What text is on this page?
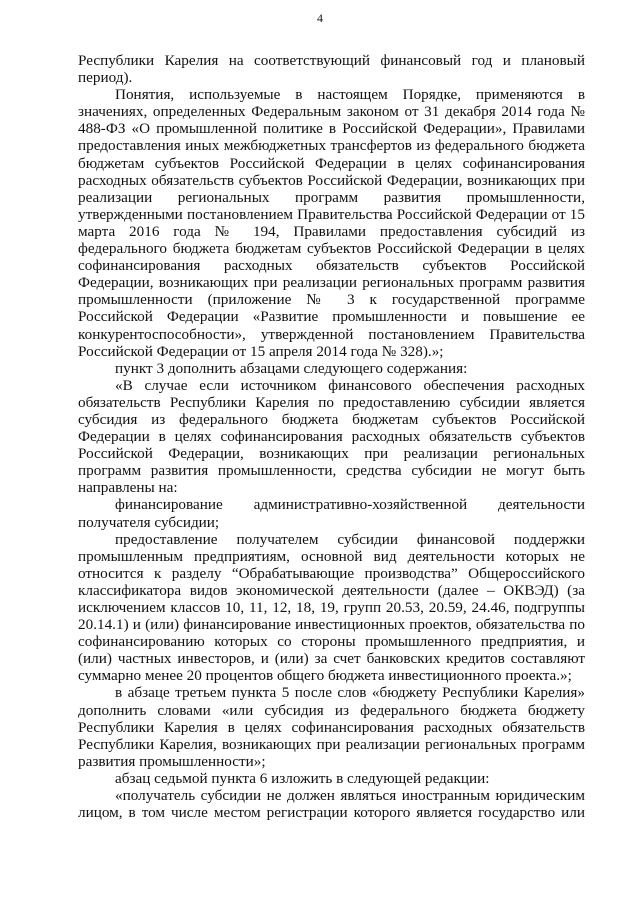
4

Республики Карелия на соответствующий финансовый год и плановый период).

Понятия, используемые в настоящем Порядке, применяются в значениях, определенных Федеральным законом от 31 декабря 2014 года № 488-ФЗ «О промышленной политике в Российской Федерации», Правилами предоставления иных межбюджетных трансфертов из федерального бюджета бюджетам субъектов Российской Федерации в целях софинансирования расходных обязательств субъектов Российской Федерации, возникающих при реализации региональных программ развития промышленности, утвержденными постановлением Правительства Российской Федерации от 15 марта 2016 года № 194, Правилами предоставления субсидий из федерального бюджета бюджетам субъектов Российской Федерации в целях софинансирования расходных обязательств субъектов Российской Федерации, возникающих при реализации региональных программ развития промышленности (приложение № 3 к государственной программе Российской Федерации «Развитие промышленности и повышение ее конкурентоспособности», утвержденной постановлением Правительства Российской Федерации от 15 апреля 2014 года № 328).»;

пункт 3 дополнить абзацами следующего содержания:

«В случае если источником финансового обеспечения расходных обязательств Республики Карелия по предоставлению субсидии является субсидия из федерального бюджета бюджетам субъектов Российской Федерации в целях софинансирования расходных обязательств субъектов Российской Федерации, возникающих при реализации региональных программ развития промышленности, средства субсидии не могут быть направлены на:

финансирование административно-хозяйственной деятельности получателя субсидии;

предоставление получателем субсидии финансовой поддержки промышленным предприятиям, основной вид деятельности которых не относится к разделу “Обрабатывающие производства” Общероссийского классификатора видов экономической деятельности (далее – ОКВЭД) (за исключением классов 10, 11, 12, 18, 19, групп 20.53, 20.59, 24.46, подгруппы 20.14.1) и (или) финансирование инвестиционных проектов, обязательства по софинансированию которых со стороны промышленного предприятия, и (или) частных инвесторов, и (или) за счет банковских кредитов составляют суммарно менее 20 процентов общего бюджета инвестиционного проекта.»;

в абзаце третьем пункта 5 после слов «бюджету Республики Карелия» дополнить словами «или субсидия из федерального бюджета бюджету Республики Карелия в целях софинансирования расходных обязательств Республики Карелия, возникающих при реализации региональных программ развития промышленности»;

абзац седьмой пункта 6 изложить в следующей редакции:

«получатель субсидии не должен являться иностранным юридическим лицом, в том числе местом регистрации которого является государство или
